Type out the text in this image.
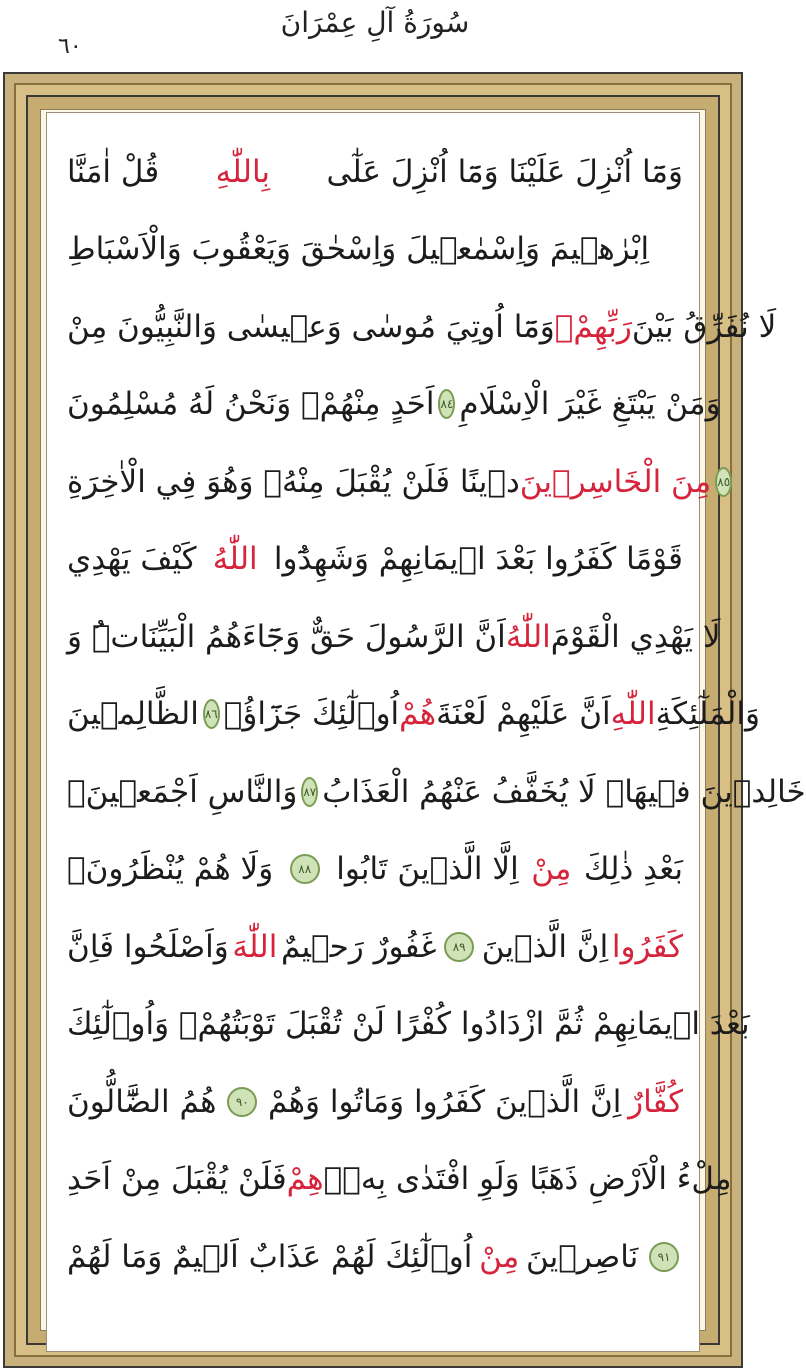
سُورَةُ آلِ عِمْرَانَ
٦٠
قُلْ اٰمَنَّا بِاللّٰهِ وَمَٓا اُنْزِلَ عَلَيْنَا وَمَٓا اُنْزِلَ عَلٰٓى
اِبْرٰهٖيمَ وَاِسْمٰعٖيلَ وَاِسْحٰقَ وَيَعْقُوبَ وَالْاَسْبَاطِ
وَمَٓا اُوتِيَ مُوسٰى وَعٖيسٰى وَالنَّبِيُّونَ مِنْ رَبِّهِمْۖ لَا نُفَرِّقُ بَيْنَ
اَحَدٍ مِنْهُمْۘ وَنَحْنُ لَهُ مُسْلِمُونَ ٨٤ وَمَنْ يَبْتَغِ غَيْرَ الْاِسْلَامِ
دٖينًا فَلَنْ يُقْبَلَ مِنْهُۚ وَهُوَ فِي الْاٰخِرَةِ مِنَ الْخَاسِرٖينَ ٨٥
كَيْفَ يَهْدِي اللّٰهُ قَوْمًا كَفَرُوا بَعْدَ اٖيمَانِهِمْ وَشَهِدُٓوا
اَنَّ الرَّسُولَ حَقٌّ وَجَٓاءَهُمُ الْبَيِّنَاتُۜ وَ اللّٰهُ لَا يَهْدِي الْقَوْمَ
الظَّالِمٖينَ ٨٦ اُو۬لٰٓئِكَ جَزَٓاؤُ۬ هُمْ اَنَّ عَلَيْهِمْ لَعْنَةَ اللّٰهِ وَالْمَلٰٓئِكَةِ
وَالنَّاسِ اَجْمَعٖينَۙ ٨٧ خَالِدٖينَ فٖيهَاۚ لَا يُخَفَّفُ عَنْهُمُ الْعَذَابُ
وَلَا هُمْ يُنْظَرُونَۙ	٨٨ اِلَّا الَّذٖينَ تَابُوا مِنْ بَعْدِ ذٰلِكَ
وَاَصْلَحُوا فَاِنَّ اللّٰهَ غَفُورٌ رَحٖيمٌ	٨٩ اِنَّ الَّذٖينَ كَفَرُوا
بَعْدَ اٖيمَانِهِمْ ثُمَّ ازْدَادُوا كُفْرًا لَنْ تُقْبَلَ تَوْبَتُهُمْۚ وَاُو۬لٰٓئِكَ
هُمُ الضَّٓالُّونَ	٩٠ اِنَّ الَّذٖينَ كَفَرُوا وَمَاتُوا وَهُمْ كُفَّارٌ
فَلَنْ يُقْبَلَ مِنْ اَحَدِ هِمْ مِلْءُ الْاَرْضِ ذَهَبًا وَلَوِ افْتَدٰى بِهٖۜ
اُو۬لٰٓئِكَ لَهُمْ عَذَابٌ اَلٖيمٌ وَمَا لَهُمْ مِنْ نَاصِرٖينَ	٩١
